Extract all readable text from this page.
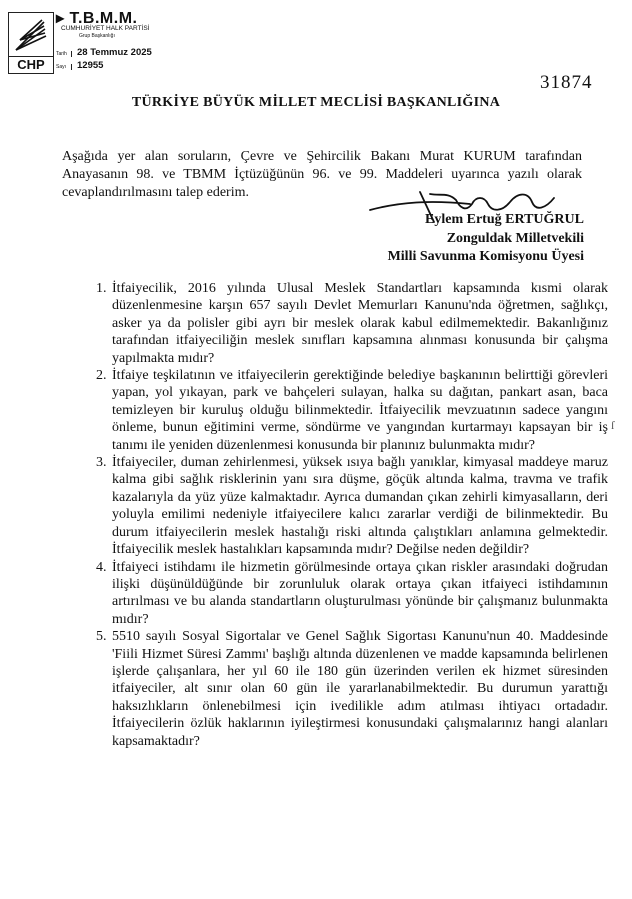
CHP
▸ T.B.M.M.
CUMHURİYET HALK PARTİSİ
Grup Başkanlığı
Tarih 28 Temmuz 2025
Sayı 12955
31874
TÜRKİYE BÜYÜK MİLLET MECLİSİ BAŞKANLIĞINA
Aşağıda yer alan soruların, Çevre ve Şehircilik Bakanı Murat KURUM tarafından Anayasanın 98. ve TBMM İçtüzüğünün 96. ve 99. Maddeleri uyarınca yazılı olarak cevaplandırılmasını talep ederim.
Eylem Ertuğ ERTUĞRUL
Zonguldak Milletvekili
Milli Savunma Komisyonu Üyesi
1. İtfaiyecilik, 2016 yılında Ulusal Meslek Standartları kapsamında kısmi olarak düzenlenmesine karşın 657 sayılı Devlet Memurları Kanunu'nda öğretmen, sağlıkçı, asker ya da polisler gibi ayrı bir meslek olarak kabul edilmemektedir. Bakanlığınız tarafından itfaiyeciliğin meslek sınıfları kapsamına alınması konusunda bir çalışma yapılmakta mıdır?
2. İtfaiye teşkilatının ve itfaiyecilerin gerektiğinde belediye başkanının belirttiği görevleri yapan, yol yıkayan, park ve bahçeleri sulayan, halka su dağıtan, pankart asan, baca temizleyen bir kuruluş olduğu bilinmektedir. İtfaiyecilik mevzuatının sadece yangını önleme, bunun eğitimini verme, söndürme ve yangından kurtarmayı kapsayan bir iş tanımı ile yeniden düzenlenmesi konusunda bir planınız bulunmakta mıdır?
3. İtfaiyeciler, duman zehirlenmesi, yüksek ısıya bağlı yanıklar, kimyasal maddeye maruz kalma gibi sağlık risklerinin yanı sıra düşme, göçük altında kalma, travma ve trafik kazalarıyla da yüz yüze kalmaktadır. Ayrıca dumandan çıkan zehirli kimyasalların, deri yoluyla emilimi nedeniyle itfaiyecilere kalıcı zararlar verdiği de bilinmektedir. Bu durum itfaiyecilerin meslek hastalığı riski altında çalıştıkları anlamına gelmektedir. İtfaiyecilik meslek hastalıkları kapsamında mıdır? Değilse neden değildir?
4. İtfaiyeci istihdamı ile hizmetin görülmesinde ortaya çıkan riskler arasındaki doğrudan ilişki düşünüldüğünde bir zorunluluk olarak ortaya çıkan itfaiyeci istihdamının artırılması ve bu alanda standartların oluşturulması yönünde bir çalışmanız bulunmakta mıdır?
5. 5510 sayılı Sosyal Sigortalar ve Genel Sağlık Sigortası Kanunu'nun 40. Maddesinde 'Fiili Hizmet Süresi Zammı' başlığı altında düzenlenen ve madde kapsamında belirlenen işlerde çalışanlara, her yıl 60 ile 180 gün üzerinden verilen ek hizmet süresinden itfaiyeciler, alt sınır olan 60 gün ile yararlanabilmektedir. Bu durumun yarattığı haksızlıkların önlenebilmesi için ivedilikle adım atılması ihtiyacı ortadadır. İtfaiyecilerin özlük haklarının iyileştirmesi konusundaki çalışmalarınız hangi alanları kapsamaktadır?
ſ
